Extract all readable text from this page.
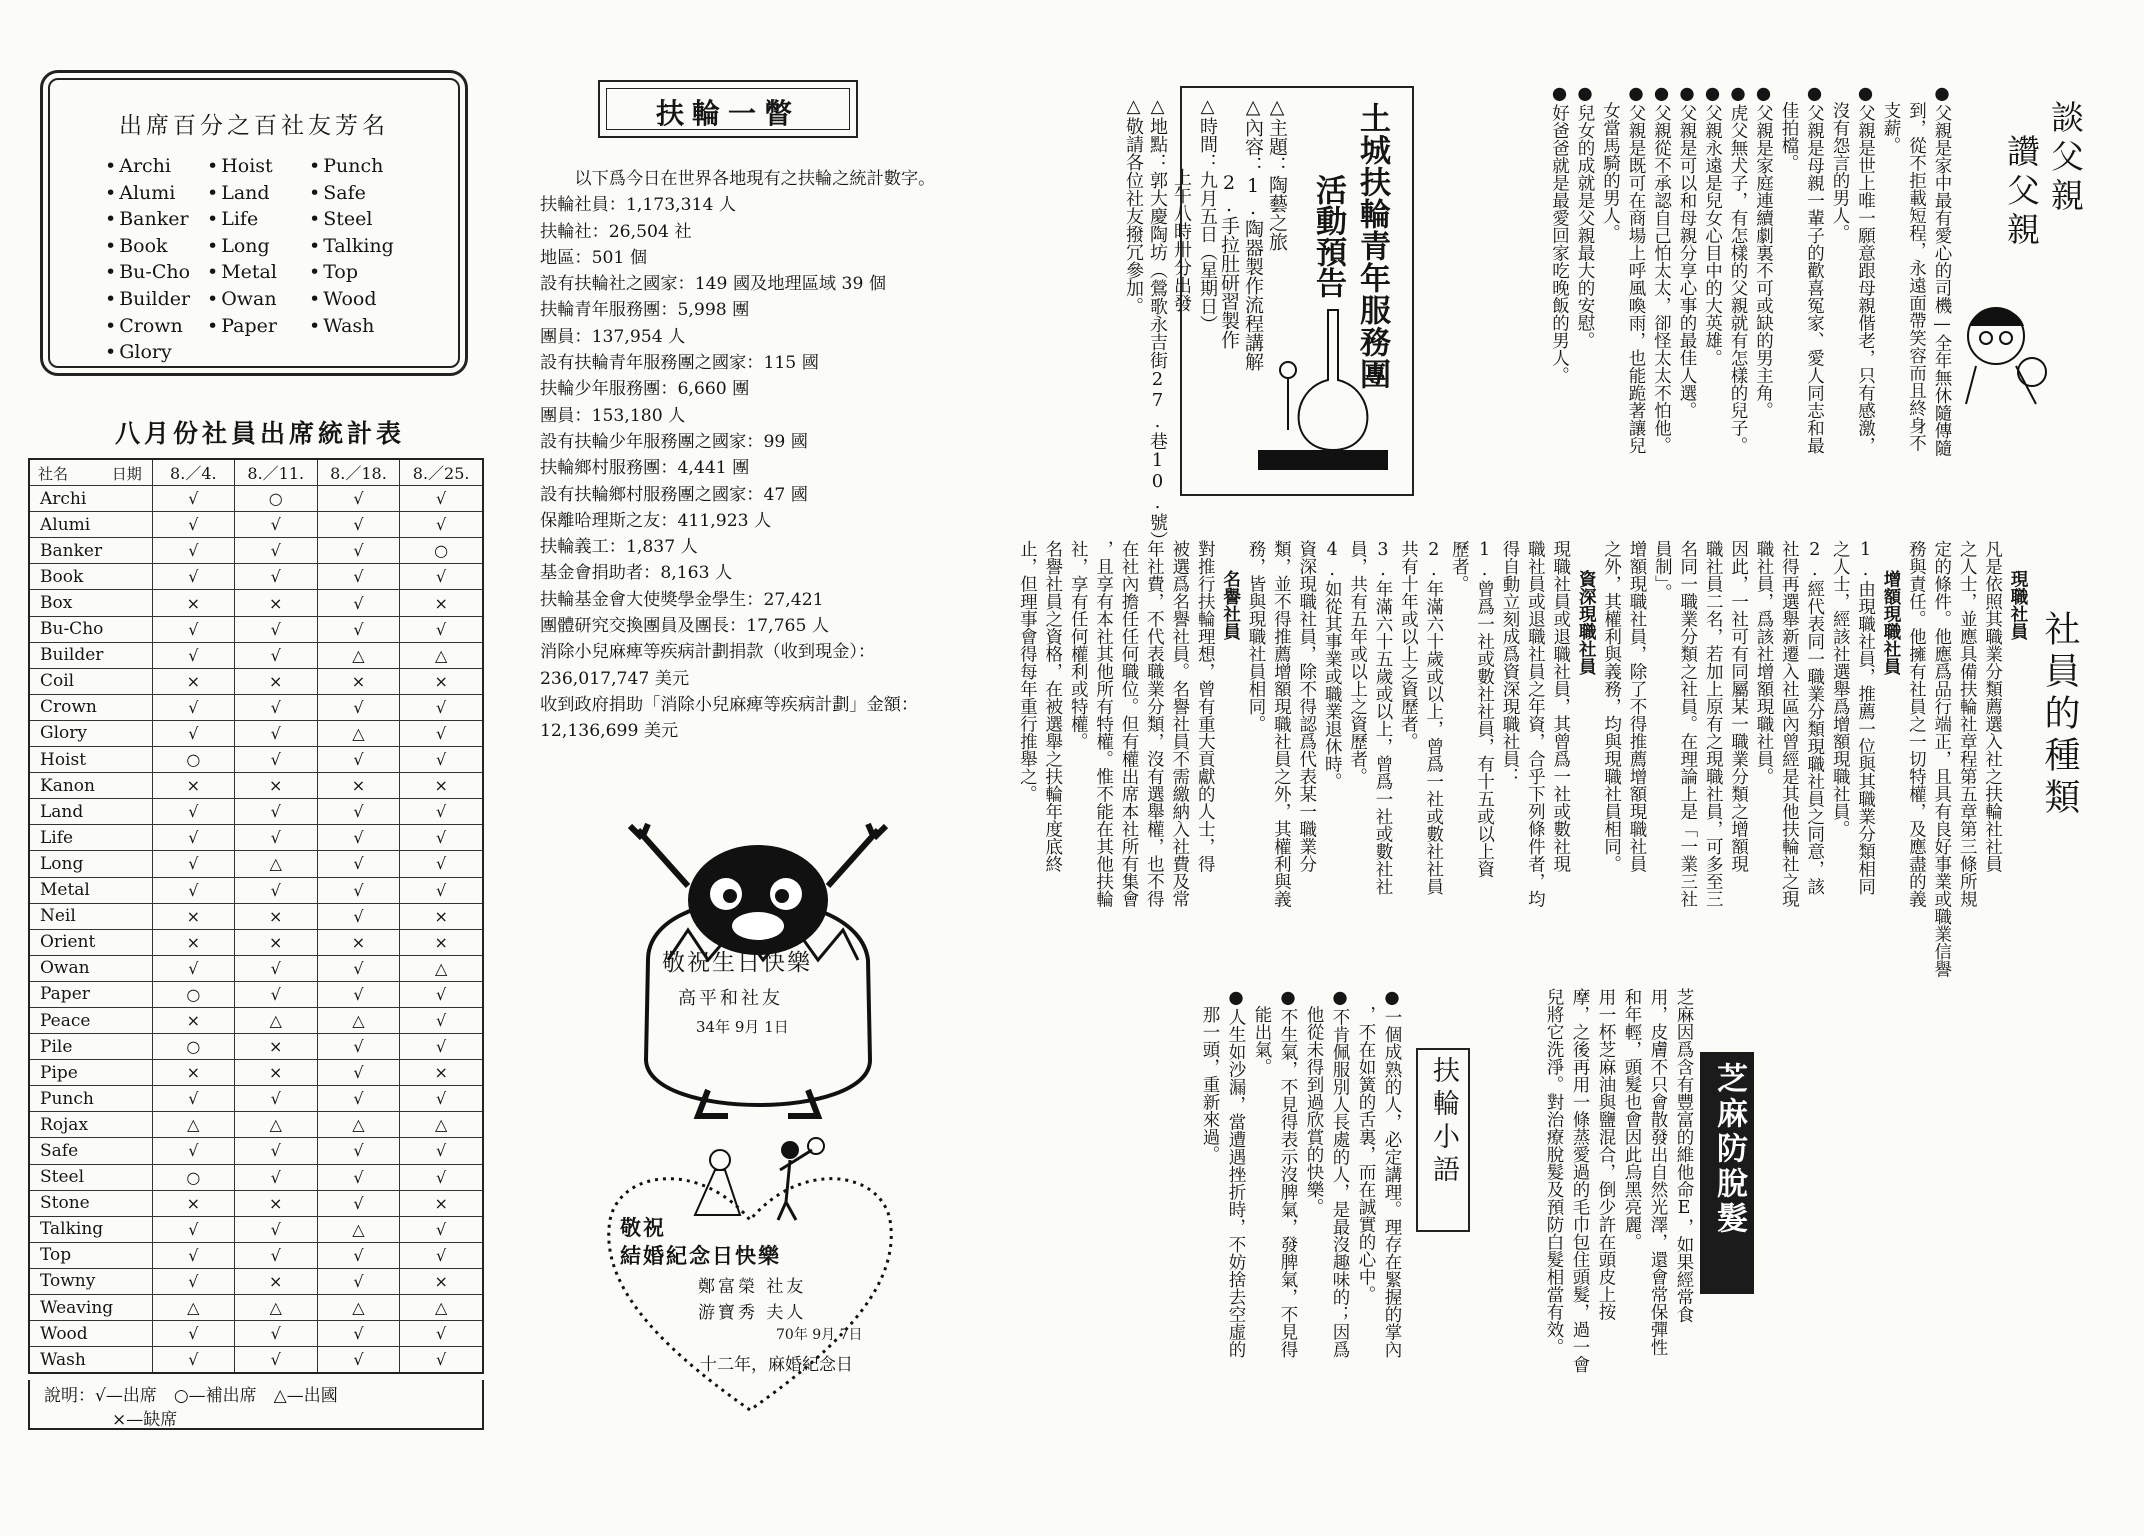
出席百分之百社友芳名
• Archi
• Alumi
• Banker
• Book
• Bu-Cho
• Builder
• Crown
• Glory
• Hoist
• Land
• Life
• Long
• Metal
• Owan
• Paper
• Punch
• Safe
• Steel
• Talking
• Top
• Wood
• Wash
八月份社員出席統計表
社名 日期	8.／4.	8.／11.	8.／18.	8.／25.
Archi	√	○	√	√
Alumi	√	√	√	√
Banker	√	√	√	○
Book	√	√	√	√
Box	×	×	√	×
Bu-Cho	√	√	√	√
Builder	√	√	△	△
Coil	×	×	×	×
Crown	√	√	√	√
Glory	√	√	△	√
Hoist	○	√	√	√
Kanon	×	×	×	×
Land	√	√	√	√
Life	√	√	√	√
Long	√	△	√	√
Metal	√	√	√	√
Neil	×	×	√	×
Orient	×	×	×	×
Owan	√	√	√	△
Paper	○	√	√	√
Peace	×	△	△	√
Pile	○	×	√	√
Pipe	×	×	√	×
Punch	√	√	√	√
Rojax	△	△	△	△
Safe	√	√	√	√
Steel	○	√	√	√
Stone	×	×	√	×
Talking	√	√	△	√
Top	√	√	√	√
Towny	√	×	√	×
Weaving	△	△	△	△
Wood	√	√	√	√
Wash	√	√	√	√
說明：√—出席　○—補出席　△—出國
×—缺席
扶輪一瞥
以下爲今日在世界各地現有之扶輪之統計數字。
扶輪社員：1,173,314 人
扶輪社：26,504 社
地區：501 個
設有扶輪社之國家：149 國及地理區域 39 個
扶輪青年服務團：5,998 團
團員：137,954 人
設有扶輪青年服務團之國家：115 國
扶輪少年服務團：6,660 團
團員：153,180 人
設有扶輪少年服務團之國家：99 國
扶輪鄉村服務團：4,441 團
設有扶輪鄉村服務團之國家：47 國
保離哈理斯之友：411,923 人
扶輪義工：1,837 人
基金會捐助者：8,163 人
扶輪基金會大使獎學金學生：27,421
團體研究交換團員及團長：17,765 人
消除小兒麻痺等疾病計劃捐款（收到現金）：
236,017,747 美元
收到政府捐助「消除小兒麻痺等疾病計劃」金額：12,136,699 美元
敬祝生日快樂
高平和社友
34年 9月 1日
敬祝
結婚紀念日快樂
鄭富榮 社友
游寶秀 夫人
70年 9月 7日
十二年，麻婚紀念日
土城扶輪青年服務團
活動預告
△主題：陶藝之旅
△內容：1.陶器製作流程講解
　　　　2.手拉肚研習製作	談父親
讚父親
●父親是家中最有愛心的司機—全年無休隨傳隨
　到，從不拒載短程，永遠面帶笑容而且終身不
　支薪。
●父親是世上唯一願意跟母親偕老，只有感激，
　沒有怨言的男人。
●父親是母親一輩子的歡喜冤家、愛人同志和最
　佳拍檔。
●父親是家庭連續劇裏不可或缺的男主角。
●虎父無犬子，有怎樣的父親就有怎樣的兒子。
●父親永遠是兒女心目中的大英雄。
●父親是可以和母親分享心事的最佳人選。
●父親從不承認自己怕太太，卻怪太太不怕他。
●父親是既可在商場上呼風喚雨，也能跪著讓兒
　女當馬騎的男人。
●兒女的成就是父親最大的安慰。
●好爸爸就是最愛回家吃晚飯的男人。
社員的種類
現職社員
凡是依照其職業分類薦選入社之扶輪社社員
之人士，並應具備扶輪社章程第五章第三條所規
定的條件。他應爲品行端正，且具有良好事業或職業信譽
務與責任。他擁有社員之一切特權，及應盡的義
增額現職社員
1.由現職社員，推薦一位與其職業分類相同
之人士，經該社選舉爲增額現職社員。
2.經代表同一職業分類現職社員之同意，該
社得再選舉新遷入社區內曾經是其他扶輪社之現
職社員，爲該社增額現職社員。
因此，一社可有同屬某一職業分類之增額現
職社員二名，若加上原有之現職社員，可多至三
名同一職業分類之社員。在理論上是「一業三社
員制」。
增額現職社員，除了不得推薦增額現職社員
之外，其權利與義務，均與現職社員相同。
資深現職社員
現職社員或退職社員，其曾爲一社或數社現
職社員或退職社員之年資，合乎下列條件者，均
得自動立刻成爲資深現職社員：
1.曾爲一社或數社社員，有十五或以上資
歷者。
2.年滿六十歲或以上，曾爲一社或數社社員
共有十年或以上之資歷者。
3.年滿六十五歲或以上，曾爲一社或數社社
員，共有五年或以上之資歷者。
4.如從其事業或職業退休時。
資深現職社員，除不得認爲代表某一職業分
類，並不得推薦增額現職社員之外，其權利與義
務，皆與現職社員相同。
名譽社員
對推行扶輪理想，曾有重大貢獻的人士，得
被選爲名譽社員。名譽社員不需繳納入社費及常
年社費，不代表職業分類，沒有選舉權，也不得
在社內擔任任何職位。但有權出席本社所有集會
，且享有本社其他所有特權。惟不能在其他扶輪
社，享有任何權利或特權。
名譽社員之資格，在被選舉之扶輪年度底終
止，但理事會得每年重行推舉之。
扶輪小語
●一個成熟的人，必定講理。理存在緊握的掌內
　，不在如簧的舌裏，而在誠實的心中。
●不肯佩服別人長處的人，是最沒趣味的；因爲
　他從未得到過欣賞的快樂。
●不生氣，不見得表示沒脾氣，發脾氣，不見得
　能出氣。
●人生如沙漏，當遭遇挫折時，不妨捨去空虛的
　那一頭，重新來過。	芝麻防脫髮
芝麻因爲含有豐富的維他命E，如果經常食
用，皮膚不只會散發出自然光澤，還會常保彈性
和年輕，頭髮也會因此烏黑亮麗。
用一杯芝麻油與鹽混合，倒少許在頭皮上按
摩，之後再用一條蒸愛過的毛巾包住頭髮，過一會
兒將它洗淨。對治療脫髮及預防白髮相當有效。
△時間：九月五日（星期日）
　　　　上午八時卅分出發
△地點：郭大慶陶坊（鶯歌永吉街27.巷10.號）
△敬請各位社友撥冗參加。
